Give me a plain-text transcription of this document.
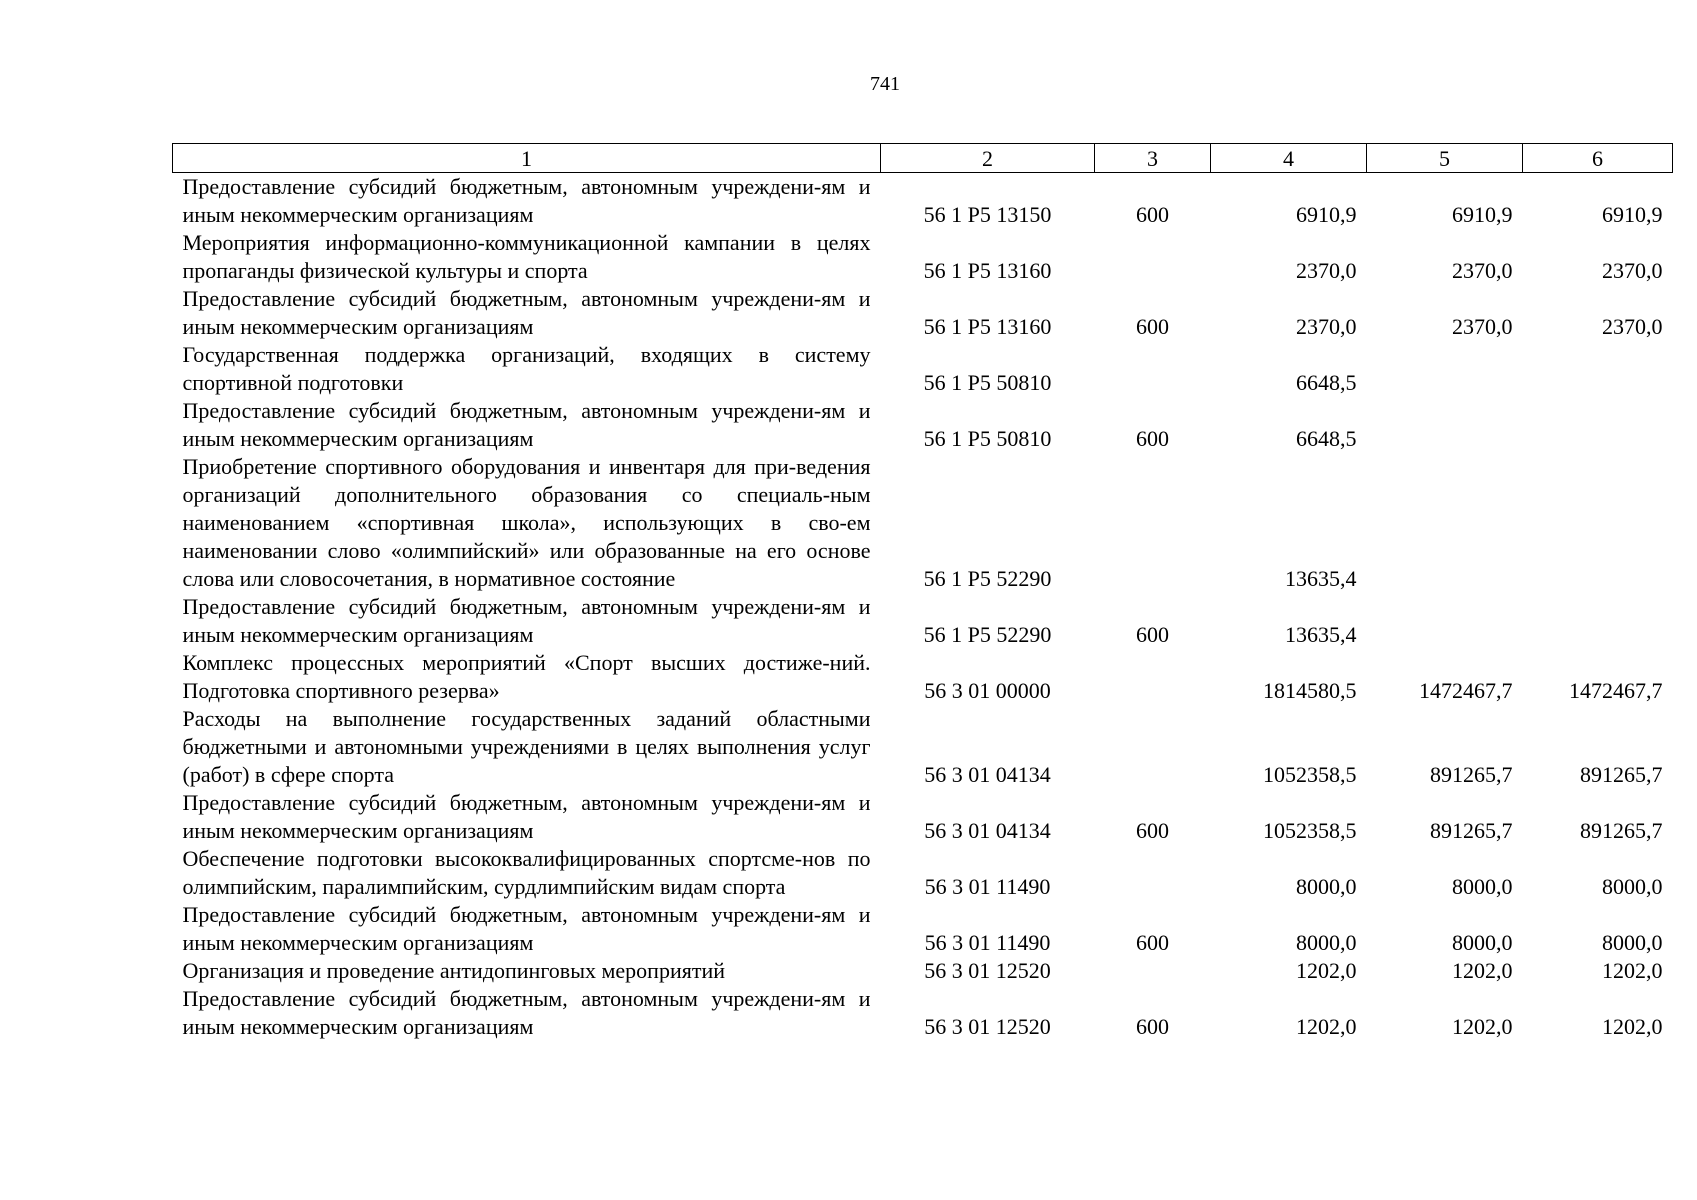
741
1	2	3	4	5	6
Предоставление субсидий бюджетным, автономным учреждени-ям и иным некоммерческим организациям	56 1 P5 13150	600	6910,9	6910,9	6910,9
Мероприятия информационно-коммуникационной кампании в целях пропаганды физической культуры и спорта	56 1 P5 13160		2370,0	2370,0	2370,0
Предоставление субсидий бюджетным, автономным учреждени-ям и иным некоммерческим организациям	56 1 P5 13160	600	2370,0	2370,0	2370,0
Государственная поддержка организаций, входящих в систему спортивной подготовки	56 1 P5 50810		6648,5		
Предоставление субсидий бюджетным, автономным учреждени-ям и иным некоммерческим организациям	56 1 P5 50810	600	6648,5		
Приобретение спортивного оборудования и инвентаря для при-ведения организаций дополнительного образования со специаль-ным наименованием «спортивная школа», использующих в сво-ем наименовании слово «олимпийский» или образованные на его основе слова или словосочетания, в нормативное состояние	56 1 P5 52290		13635,4		
Предоставление субсидий бюджетным, автономным учреждени-ям и иным некоммерческим организациям	56 1 P5 52290	600	13635,4		
Комплекс процессных мероприятий «Спорт высших достиже-ний. Подготовка спортивного резерва»	56 3 01 00000		1814580,5	1472467,7	1472467,7
Расходы на выполнение государственных заданий областными бюджетными и автономными учреждениями в целях выполнения услуг (работ) в сфере спорта	56 3 01 04134		1052358,5	891265,7	891265,7
Предоставление субсидий бюджетным, автономным учреждени-ям и иным некоммерческим организациям	56 3 01 04134	600	1052358,5	891265,7	891265,7
Обеспечение подготовки высококвалифицированных спортсме-нов по олимпийским, паралимпийским, сурдлимпийским видам спорта	56 3 01 11490		8000,0	8000,0	8000,0
Предоставление субсидий бюджетным, автономным учреждени-ям и иным некоммерческим организациям	56 3 01 11490	600	8000,0	8000,0	8000,0
Организация и проведение антидопинговых мероприятий	56 3 01 12520		1202,0	1202,0	1202,0
Предоставление субсидий бюджетным, автономным учреждени-ям и иным некоммерческим организациям	56 3 01 12520	600	1202,0	1202,0	1202,0
